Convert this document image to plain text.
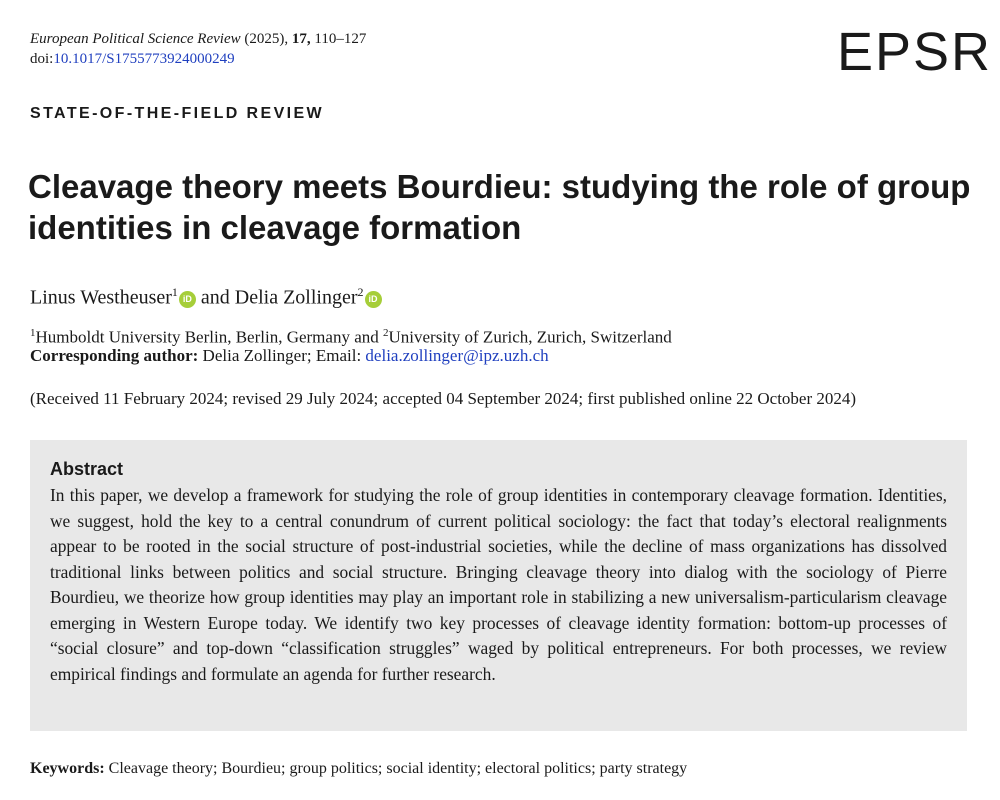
European Political Science Review (2025), 17, 110–127
doi:10.1017/S1755773924000249	EPSR
STATE-OF-THE-FIELD REVIEW
Cleavage theory meets Bourdieu: studying the role of group identities in cleavage formation
Linus Westheuser$^1$ iD and Delia Zollinger$^2$ iD
$^1$Humboldt University Berlin, Berlin, Germany and $^2$University of Zurich, Zurich, Switzerland
Corresponding author: Delia Zollinger; Email: delia.zollinger@ipz.uzh.ch
(Received 11 February 2024; revised 29 July 2024; accepted 04 September 2024; first published online 22 October 2024)
Abstract
In this paper, we develop a framework for studying the role of group identities in contemporary cleavage formation. Identities, we suggest, hold the key to a central conundrum of current political sociology: the fact that today’s electoral realignments appear to be rooted in the social structure of post-industrial societies, while the decline of mass organizations has dissolved traditional links between politics and social structure. Bringing cleavage theory into dialog with the sociology of Pierre Bourdieu, we theorize how group identities may play an important role in stabilizing a new universalism-particularism cleavage emerging in Western Europe today. We identify two key processes of cleavage identity formation: bottom-up processes of “social closure” and top-down “classification struggles” waged by political entrepreneurs. For both processes, we review empirical findings and formulate an agenda for further research.
Keywords: Cleavage theory; Bourdieu; group politics; social identity; electoral politics; party strategy
